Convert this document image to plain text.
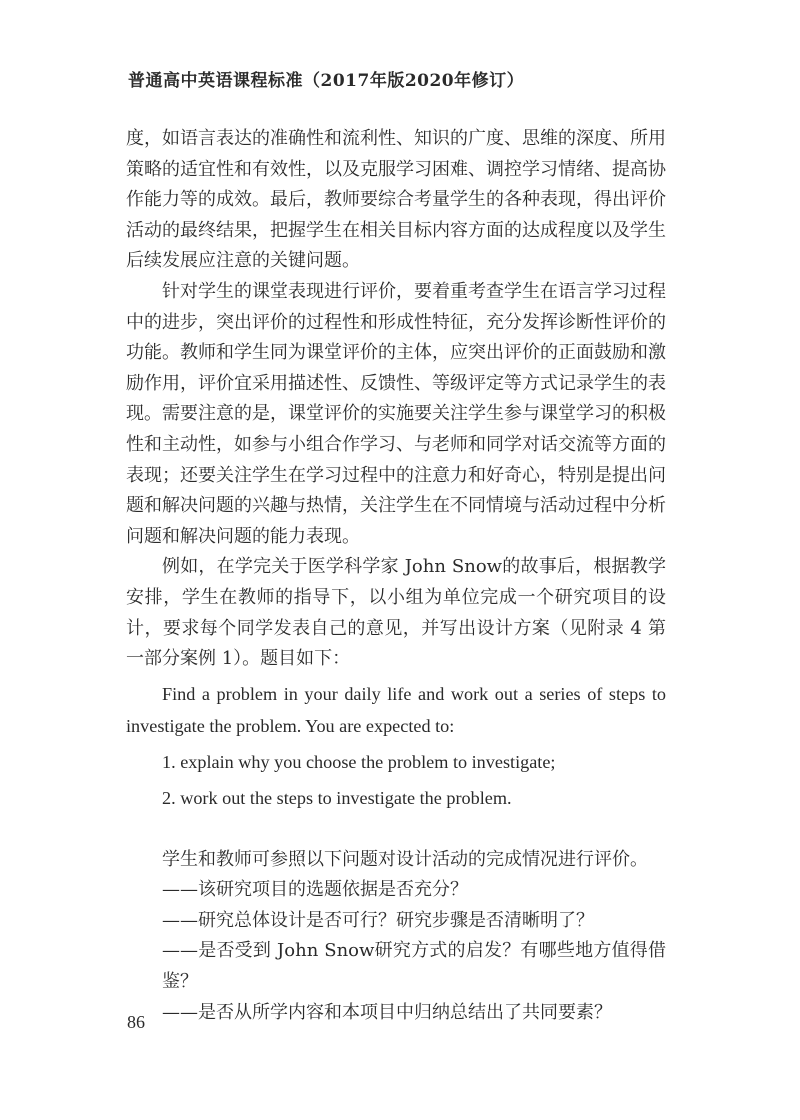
普通高中英语课程标准（2017年版2020年修订）

度，如语言表达的准确性和流利性、知识的广度、思维的深度、所用策略的适宜性和有效性，以及克服学习困难、调控学习情绪、提高协作能力等的成效。最后，教师要综合考量学生的各种表现，得出评价活动的最终结果，把握学生在相关目标内容方面的达成程度以及学生后续发展应注意的关键问题。

针对学生的课堂表现进行评价，要着重考查学生在语言学习过程中的进步，突出评价的过程性和形成性特征，充分发挥诊断性评价的功能。教师和学生同为课堂评价的主体，应突出评价的正面鼓励和激励作用，评价宜采用描述性、反馈性、等级评定等方式记录学生的表现。需要注意的是，课堂评价的实施要关注学生参与课堂学习的积极性和主动性，如参与小组合作学习、与老师和同学对话交流等方面的表现；还要关注学生在学习过程中的注意力和好奇心，特别是提出问题和解决问题的兴趣与热情，关注学生在不同情境与活动过程中分析问题和解决问题的能力表现。

例如，在学完关于医学科学家 John Snow的故事后，根据教学安排，学生在教师的指导下，以小组为单位完成一个研究项目的设计，要求每个同学发表自己的意见，并写出设计方案（见附录 4 第一部分案例 1）。题目如下：

Find a problem in your daily life and work out a series of steps to investigate the problem. You are expected to:

1. explain why you choose the problem to investigate;

2. work out the steps to investigate the problem.

学生和教师可参照以下问题对设计活动的完成情况进行评价。

——该研究项目的选题依据是否充分？

——研究总体设计是否可行？研究步骤是否清晰明了？

——是否受到 John Snow研究方式的启发？有哪些地方值得借鉴？

——是否从所学内容和本项目中归纳总结出了共同要素？

86
